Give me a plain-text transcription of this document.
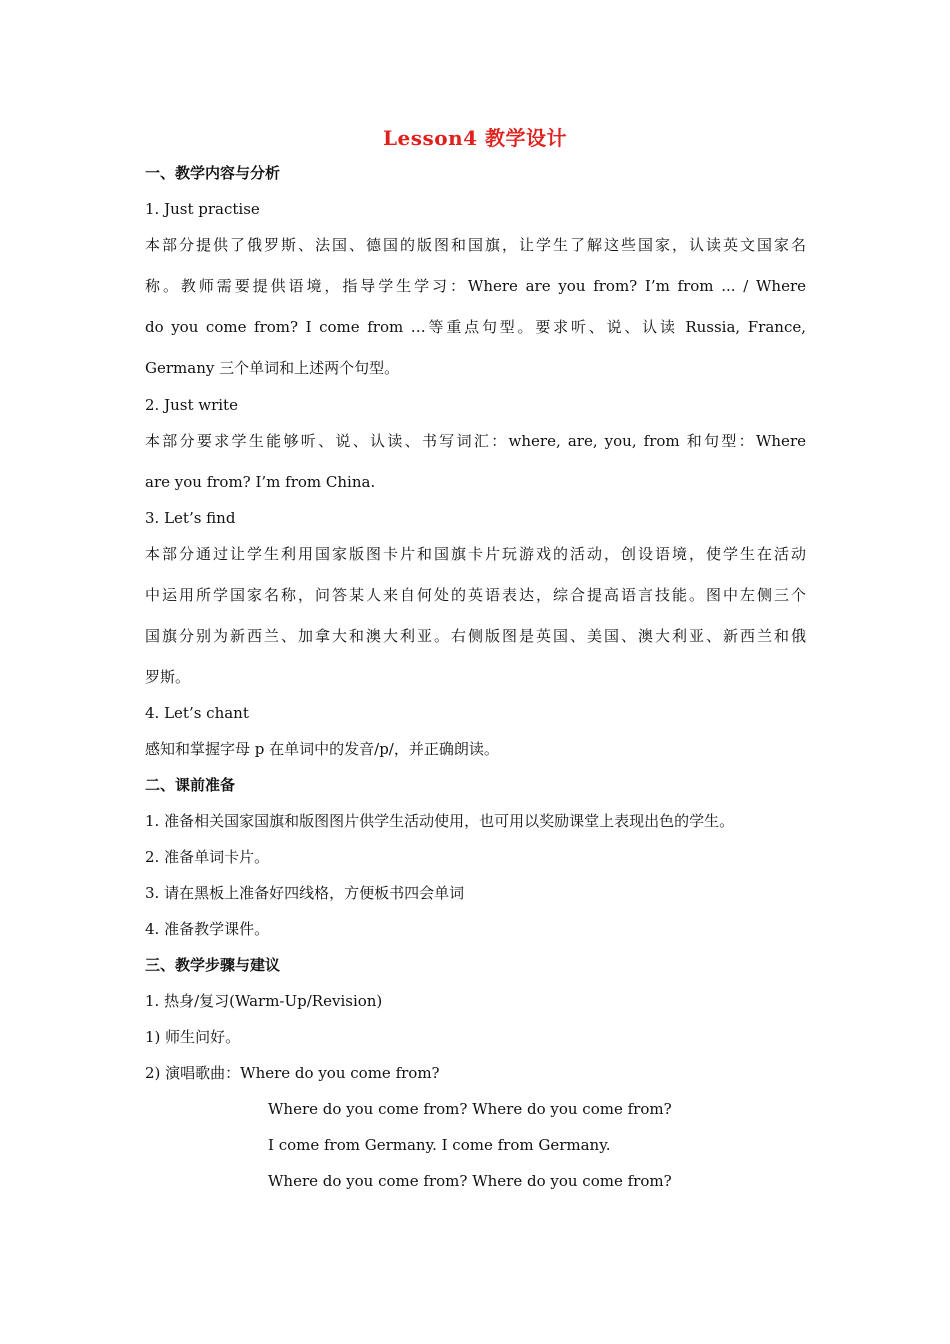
Lesson4 教学设计
一、教学内容与分析
1. Just practise
本部分提供了俄罗斯、法国、德国的版图和国旗，让学生了解这些国家，认读英文国家名
称。教师需要提供语境，指导学生学习：Where are you from? I’m from ... / Where
do you come from? I come from …等重点句型。要求听、说、认读 Russia, France,
Germany 三个单词和上述两个句型。
2. Just write
本部分要求学生能够听、说、认读、书写词汇：where, are, you, from 和句型：Where
are you from? I’m from China.
3. Let’s find
本部分通过让学生利用国家版图卡片和国旗卡片玩游戏的活动，创设语境，使学生在活动
中运用所学国家名称，问答某人来自何处的英语表达，综合提高语言技能。图中左侧三个
国旗分别为新西兰、加拿大和澳大利亚。右侧版图是英国、美国、澳大利亚、新西兰和俄
罗斯。
4. Let’s chant
感知和掌握字母 p 在单词中的发音/p/，并正确朗读。
二、课前准备
1. 准备相关国家国旗和版图图片供学生活动使用，也可用以奖励课堂上表现出色的学生。
2. 准备单词卡片。
3. 请在黑板上准备好四线格，方便板书四会单词
4. 准备教学课件。
三、教学步骤与建议
1. 热身/复习(Warm-Up/Revision)
1) 师生问好。
2) 演唱歌曲：Where do you come from?
Where do you come from? Where do you come from?
I come from Germany. I come from Germany.
Where do you come from? Where do you come from?
